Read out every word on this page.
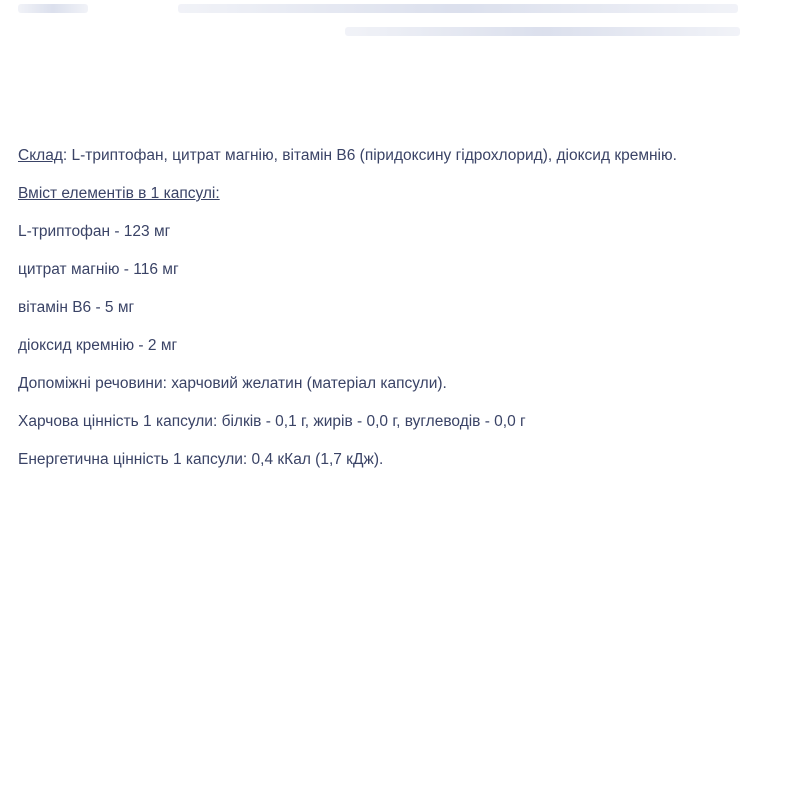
Склад: L-триптофан, цитрат магнію, вітамін В6 (піридоксину гідрохлорид), діоксид кремнію.
Вміст елементів в 1 капсулі:
L-триптофан - 123 мг
цитрат магнію - 116 мг
вітамін В6 - 5 мг
діоксид кремнію - 2 мг
Допоміжні речовини: харчовий желатин (матеріал капсули).
Харчова цінність 1 капсули: білків - 0,1 г, жирів - 0,0 г, вуглеводів - 0,0 г
Енергетична цінність 1 капсули: 0,4 кКал (1,7 кДж).
